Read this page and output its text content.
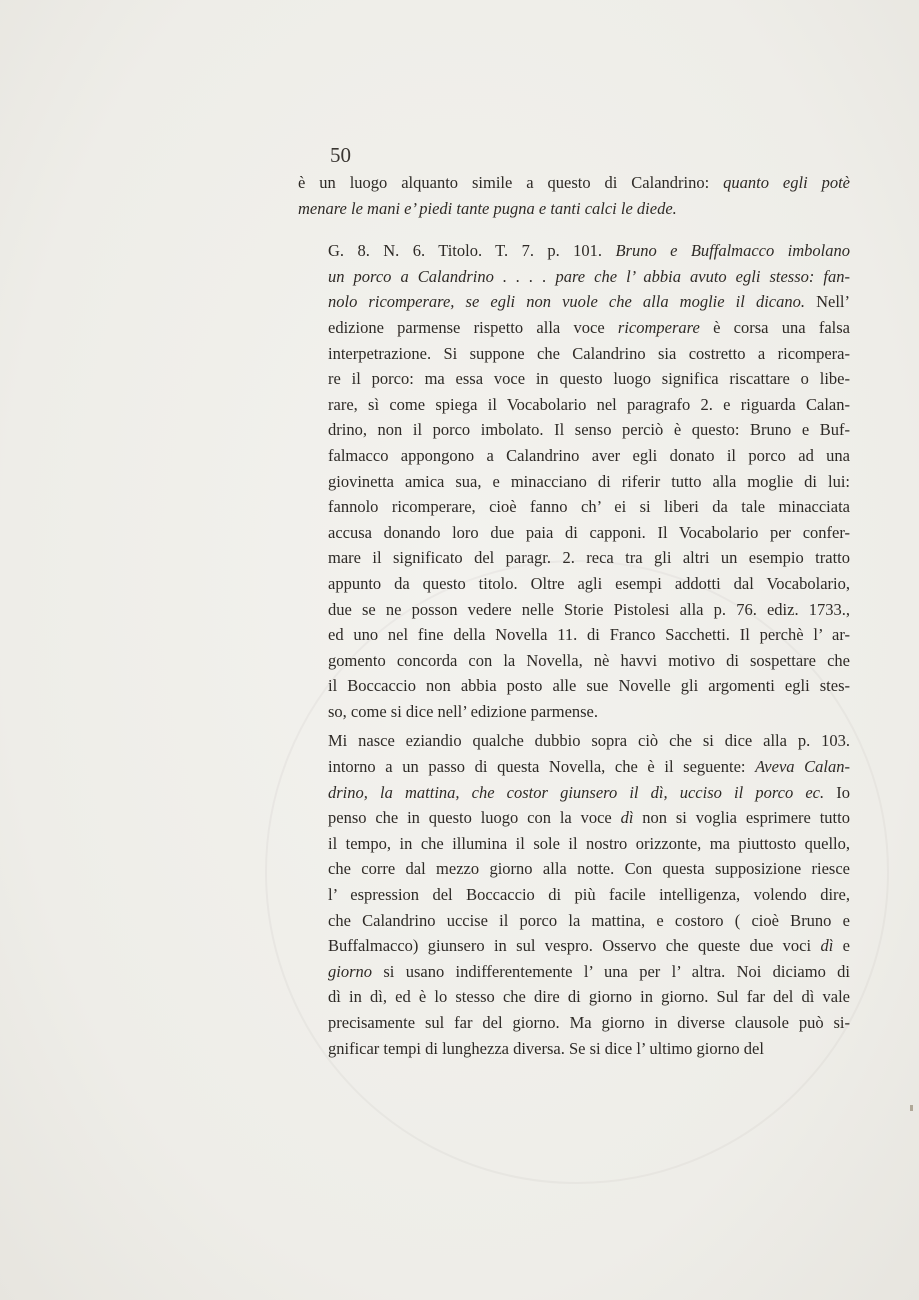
50
è un luogo alquanto simile a questo di Calandrino: quanto egli potè
menare le mani e’ piedi tante pugna e tanti calci le diede.
G. 8. N. 6. Titolo. T. 7. p. 101. Bruno e Buffalmacco imbolano
un porco a Calandrino . . . . pare che l’ abbia avuto egli stesso: fan-
nolo ricomperare, se egli non vuole che alla moglie il dicano. Nell’
edizione parmense rispetto alla voce ricomperare è corsa una falsa
interpetrazione. Si suppone che Calandrino sia costretto a ricompera-
re il porco: ma essa voce in questo luogo significa riscattare o libe-
rare, sì come spiega il Vocabolario nel paragrafo 2. e riguarda Calan-
drino, non il porco imbolato. Il senso perciò è questo: Bruno e Buf-
falmacco appongono a Calandrino aver egli donato il porco ad una
giovinetta amica sua, e minacciano di riferir tutto alla moglie di lui:
fannolo ricomperare, cioè fanno ch’ ei si liberi da tale minacciata
accusa donando loro due paia di capponi. Il Vocabolario per confer-
mare il significato del paragr. 2. reca tra gli altri un esempio tratto
appunto da questo titolo. Oltre agli esempi addotti dal Vocabolario,
due se ne posson vedere nelle Storie Pistolesi alla p. 76. ediz. 1733.,
ed uno nel fine della Novella 11. di Franco Sacchetti. Il perchè l’ ar-
gomento concorda con la Novella, nè havvi motivo di sospettare che
il Boccaccio non abbia posto alle sue Novelle gli argomenti egli stes-
so, come si dice nell’ edizione parmense.
Mi nasce eziandio qualche dubbio sopra ciò che si dice alla p. 103.
intorno a un passo di questa Novella, che è il seguente: Aveva Calan-
drino, la mattina, che costor giunsero il dì, ucciso il porco ec. Io
penso che in questo luogo con la voce dì non si voglia esprimere tutto
il tempo, in che illumina il sole il nostro orizzonte, ma piuttosto quello,
che corre dal mezzo giorno alla notte. Con questa supposizione riesce
l’ espression del Boccaccio di più facile intelligenza, volendo dire,
che Calandrino uccise il porco la mattina, e costoro ( cioè Bruno e
Buffalmacco) giunsero in sul vespro. Osservo che queste due voci dì e
giorno si usano indifferentemente l’ una per l’ altra. Noi diciamo di
dì in dì, ed è lo stesso che dire di giorno in giorno. Sul far del dì vale
precisamente sul far del giorno. Ma giorno in diverse clausole può si-
gnificar tempi di lunghezza diversa. Se si dice l’ ultimo giorno del
